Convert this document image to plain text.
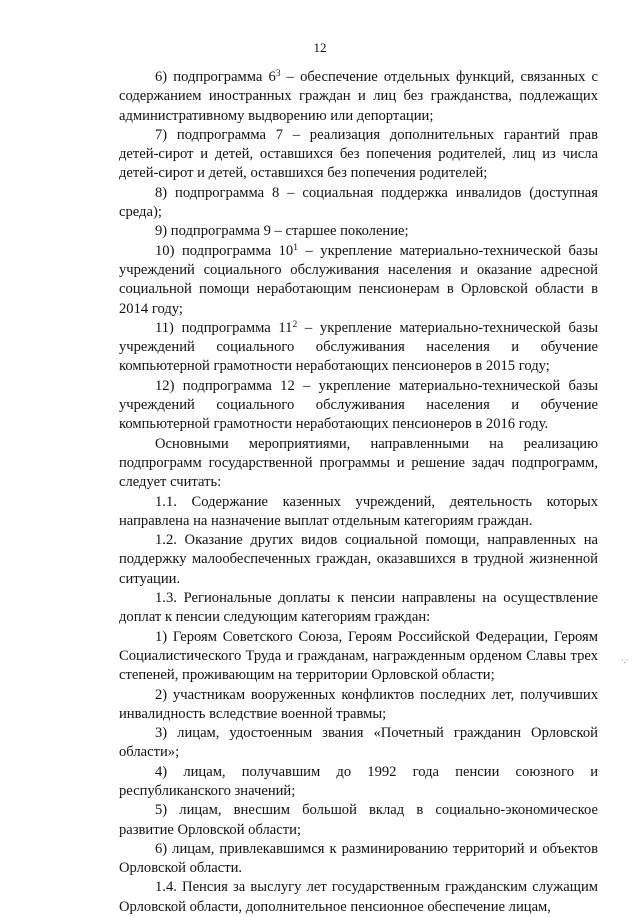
12

6) подпрограмма $6^3$ – обеспечение отдельных функций, связанных с содержанием иностранных граждан и лиц без гражданства, подлежащих административному выдворению или депортации;

7) подпрограмма 7 – реализация дополнительных гарантий прав детей-сирот и детей, оставшихся без попечения родителей, лиц из числа детей-сирот и детей, оставшихся без попечения родителей;

8) подпрограмма 8 – социальная поддержка инвалидов (доступная среда);

9) подпрограмма 9 – старшее поколение;

10) подпрограмма $10^1$ – укрепление материально-технической базы учреждений социального обслуживания населения и оказание адресной социальной помощи неработающим пенсионерам в Орловской области в 2014 году;

11) подпрограмма $11^2$ – укрепление материально-технической базы учреждений социального обслуживания населения и обучение компьютерной грамотности неработающих пенсионеров в 2015 году;

12) подпрограмма 12 – укрепление материально-технической базы учреждений социального обслуживания населения и обучение компьютерной грамотности неработающих пенсионеров в 2016 году.

Основными мероприятиями, направленными на реализацию подпрограмм государственной программы и решение задач подпрограмм, следует считать:

1.1. Содержание казенных учреждений, деятельность которых направлена на назначение выплат отдельным категориям граждан.

1.2. Оказание других видов социальной помощи, направленных на поддержку малообеспеченных граждан, оказавшихся в трудной жизненной ситуации.

1.3. Региональные доплаты к пенсии направлены на осуществление доплат к пенсии следующим категориям граждан:

1) Героям Советского Союза, Героям Российской Федерации, Героям Социалистического Труда и гражданам, награжденным орденом Славы трех степеней, проживающим на территории Орловской области;

2) участникам вооруженных конфликтов последних лет, получивших инвалидность вследствие военной травмы;

3) лицам, удостоенным звания «Почетный гражданин Орловской области»;

4) лицам, получавшим до 1992 года пенсии союзного и республиканского значений;

5) лицам, внесшим большой вклад в социально-экономическое развитие Орловской области;

6) лицам, привлекавшимся к разминированию территорий и объектов Орловской области.

1.4. Пенсия за выслугу лет государственным гражданским служащим Орловской области, дополнительное пенсионное обеспечение лицам,

·.·
